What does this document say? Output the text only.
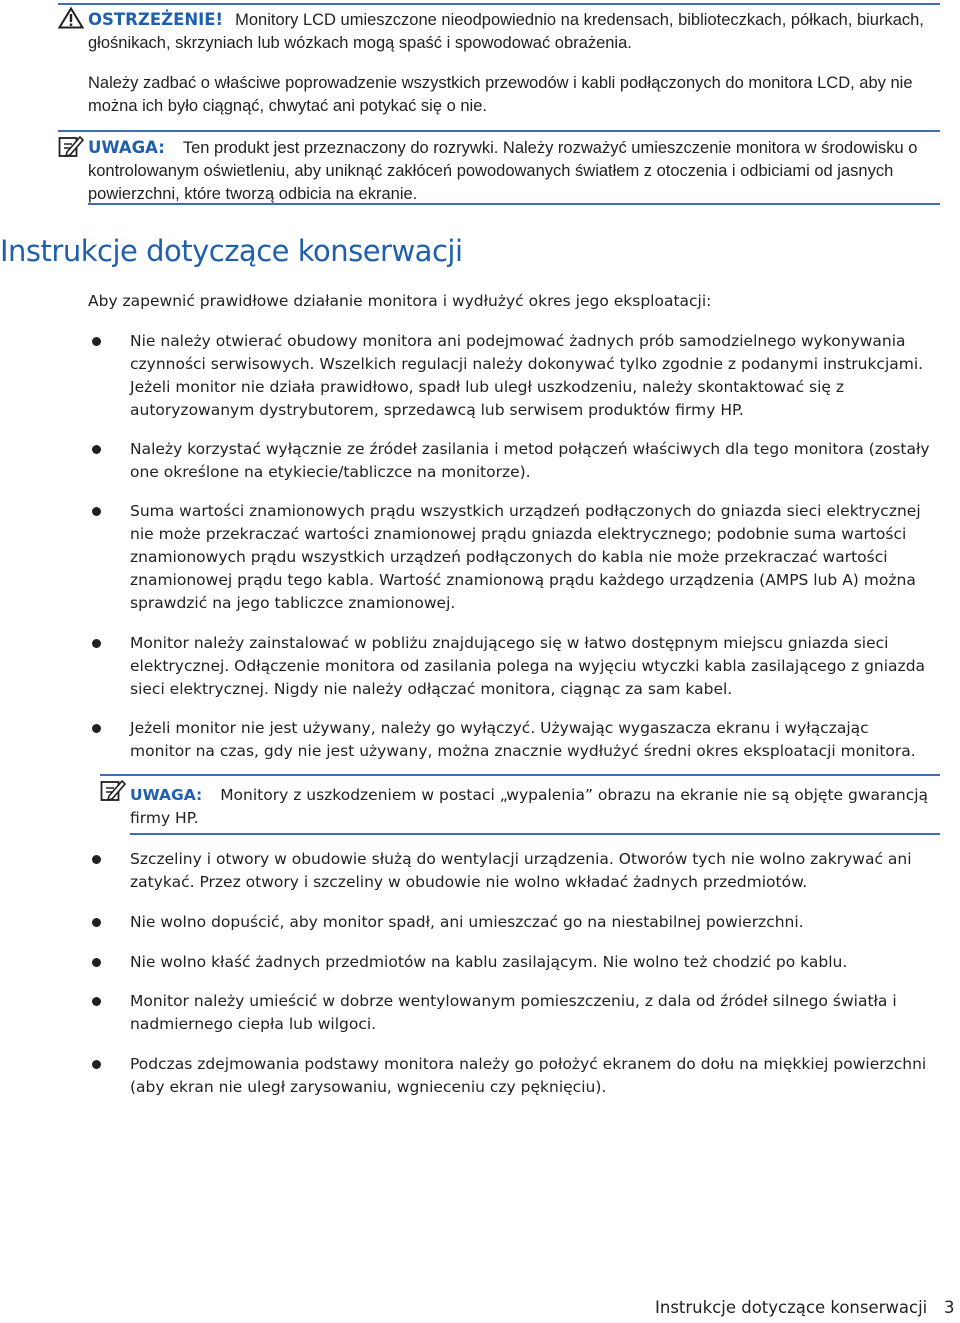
OSTRZEŻENIE! Monitory LCD umieszczone nieodpowiednio na kredensach, biblioteczkach, półkach, biurkach, głośnikach, skrzyniach lub wózkach mogą spaść i spowodować obrażenia.
Należy zadbać o właściwe poprowadzenie wszystkich przewodów i kabli podłączonych do monitora LCD, aby nie można ich było ciągnąć, chwytać ani potykać się o nie.
UWAGA: Ten produkt jest przeznaczony do rozrywki. Należy rozważyć umieszczenie monitora w środowisku o kontrolowanym oświetleniu, aby uniknąć zakłóceń powodowanych światłem z otoczenia i odbiciami od jasnych powierzchni, które tworzą odbicia na ekranie.
Instrukcje dotyczące konserwacji
Aby zapewnić prawidłowe działanie monitora i wydłużyć okres jego eksploatacji:
Nie należy otwierać obudowy monitora ani podejmować żadnych prób samodzielnego wykonywania czynności serwisowych. Wszelkich regulacji należy dokonywać tylko zgodnie z podanymi instrukcjami. Jeżeli monitor nie działa prawidłowo, spadł lub uległ uszkodzeniu, należy skontaktować się z autoryzowanym dystrybutorem, sprzedawcą lub serwisem produktów firmy HP.
Należy korzystać wyłącznie ze źródeł zasilania i metod połączeń właściwych dla tego monitora (zostały one określone na etykiecie/tabliczce na monitorze).
Suma wartości znamionowych prądu wszystkich urządzeń podłączonych do gniazda sieci elektrycznej nie może przekraczać wartości znamionowej prądu gniazda elektrycznego; podobnie suma wartości znamionowych prądu wszystkich urządzeń podłączonych do kabla nie może przekraczać wartości znamionowej prądu tego kabla. Wartość znamionową prądu każdego urządzenia (AMPS lub A) można sprawdzić na jego tabliczce znamionowej.
Monitor należy zainstalować w pobliżu znajdującego się w łatwo dostępnym miejscu gniazda sieci elektrycznej. Odłączenie monitora od zasilania polega na wyjęciu wtyczki kabla zasilającego z gniazda sieci elektrycznej. Nigdy nie należy odłączać monitora, ciągnąc za sam kabel.
Jeżeli monitor nie jest używany, należy go wyłączyć. Używając wygaszacza ekranu i wyłączając monitor na czas, gdy nie jest używany, można znacznie wydłużyć średni okres eksploatacji monitora.
UWAGA: Monitory z uszkodzeniem w postaci „wypalenia” obrazu na ekranie nie są objęte gwarancją firmy HP.
Szczeliny i otwory w obudowie służą do wentylacji urządzenia. Otworów tych nie wolno zakrywać ani zatykać. Przez otwory i szczeliny w obudowie nie wolno wkładać żadnych przedmiotów.
Nie wolno dopuścić, aby monitor spadł, ani umieszczać go na niestabilnej powierzchni.
Nie wolno kłaść żadnych przedmiotów na kablu zasilającym. Nie wolno też chodzić po kablu.
Monitor należy umieścić w dobrze wentylowanym pomieszczeniu, z dala od źródeł silnego światła i nadmiernego ciepła lub wilgoci.
Podczas zdejmowania podstawy monitora należy go położyć ekranem do dołu na miękkiej powierzchni (aby ekran nie uległ zarysowaniu, wgnieceniu czy pęknięciu).
Instrukcje dotyczące konserwacji 3
